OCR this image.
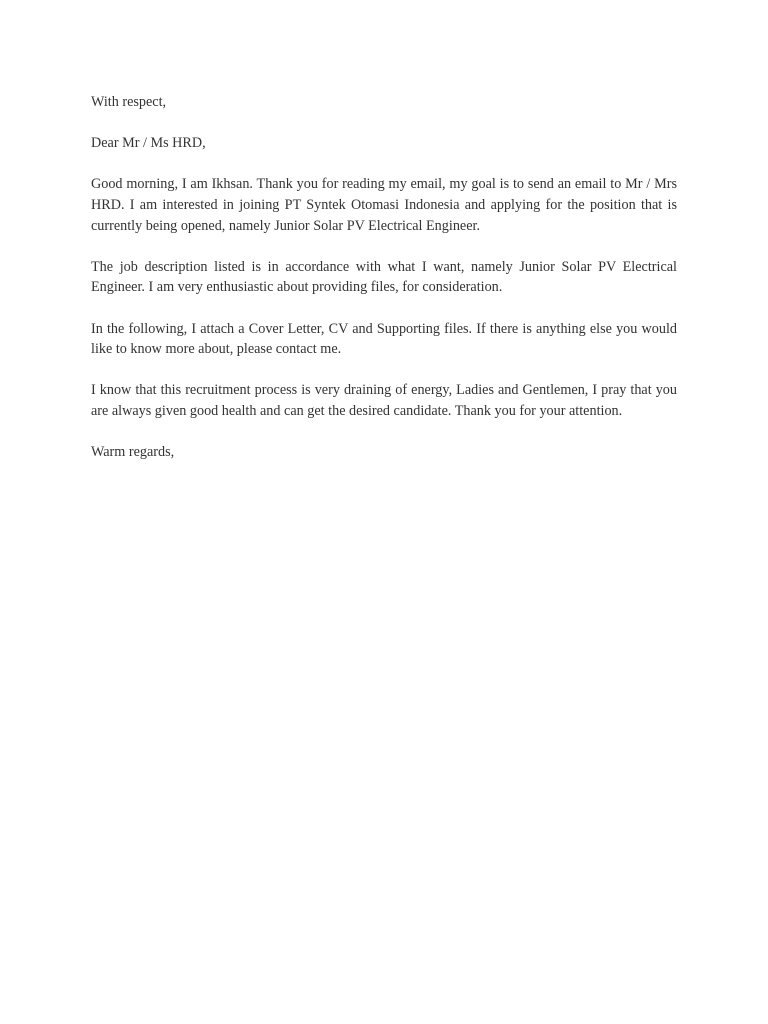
With respect,

Dear Mr / Ms HRD,

Good morning, I am Ikhsan. Thank you for reading my email, my goal is to send an email to Mr / Mrs HRD. I am interested in joining PT Syntek Otomasi Indonesia and applying for the position that is currently being opened, namely Junior Solar PV Electrical Engineer.

The job description listed is in accordance with what I want, namely Junior Solar PV Electrical Engineer. I am very enthusiastic about providing files, for consideration.

In the following, I attach a Cover Letter, CV and Supporting files. If there is anything else you would like to know more about, please contact me.

I know that this recruitment process is very draining of energy, Ladies and Gentlemen, I pray that you are always given good health and can get the desired candidate. Thank you for your attention.

Warm regards,
